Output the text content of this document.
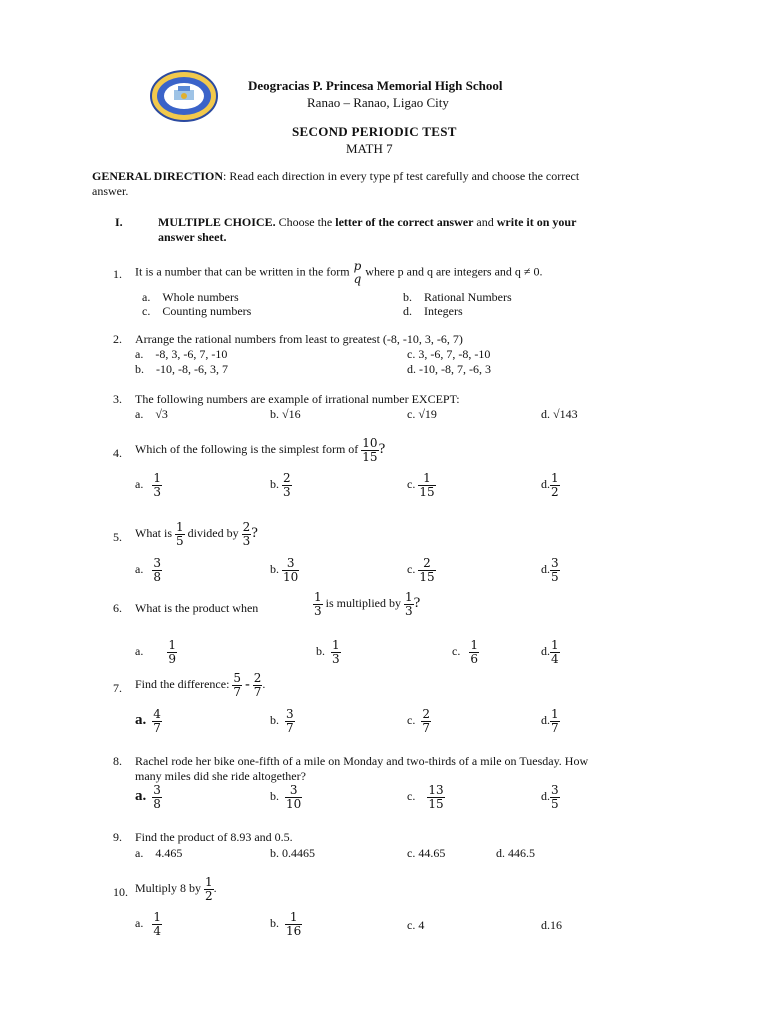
Deogracias P. Princesa Memorial High School
Ranao – Ranao, Ligao City
SECOND PERIODIC TEST
MATH 7
GENERAL DIRECTION: Read each direction in every type pf test carefully and choose the correct
answer.
I.	MULTIPLE CHOICE. Choose the letter of the correct answer and write it on your
answer sheet.
1. It is a number that can be written in the form p
q
where p and q are integers and q ≠ 0.
a. Whole numbers	b. Rational Numbers
c. Counting numbers	d. Integers
2. Arrange the rational numbers from least to greatest (-8, -10, 3, -6, 7)
a. -8, 3, -6, 7, -10	c. 3, -6, 7, -8, -10
b. -10, -8, -6, 3, 7	d. -10, -8, 7, -6, 3
3. The following numbers are example of irrational number EXCEPT:
a. √3	b. √16	c. √19	d. √143
4. Which of the following is the simplest form of $\frac{10}{15}$ ?
a. $\frac{1}{3}$	b. $\frac{2}{3}$	c. $\frac{1}{15}$	d. $\frac{1}{2}$
5. What is $\frac{1}{5}$ divided by $\frac{2}{3}$ ?
a. $\frac{3}{8}$	b. $\frac{3}{10}$	c. $\frac{2}{15}$	d. $\frac{3}{5}$
6. What is the product when	$\frac{1}{3}$ is multiplied by $\frac{1}{3}$ ?
a. $\frac{1}{9}$	b. $\frac{1}{3}$	c. $\frac{1}{6}$	d. $\frac{1}{4}$
7. Find the difference: $\frac{5}{7} - \frac{2}{7}$ .
a. $\frac{4}{7}$	b. $\frac{3}{7}$	c. $\frac{2}{7}$	d. $\frac{1}{7}$
8. Rachel rode her bike one-fifth of a mile on Monday and two-thirds of a mile on Tuesday. How
many miles did she ride altogether?
a. $\frac{3}{8}$	b. $\frac{3}{10}$	c. $\frac{13}{15}$	d. $\frac{3}{5}$
9. Find the product of 8.93 and 0.5.
a. 4.465	b. 0.4465	c. 44.65	d. 446.5
10. Multiply 8 by $\frac{1}{2}$ .
a. $\frac{1}{4}$	b. $\frac{1}{16}$	c. 4	d.16
